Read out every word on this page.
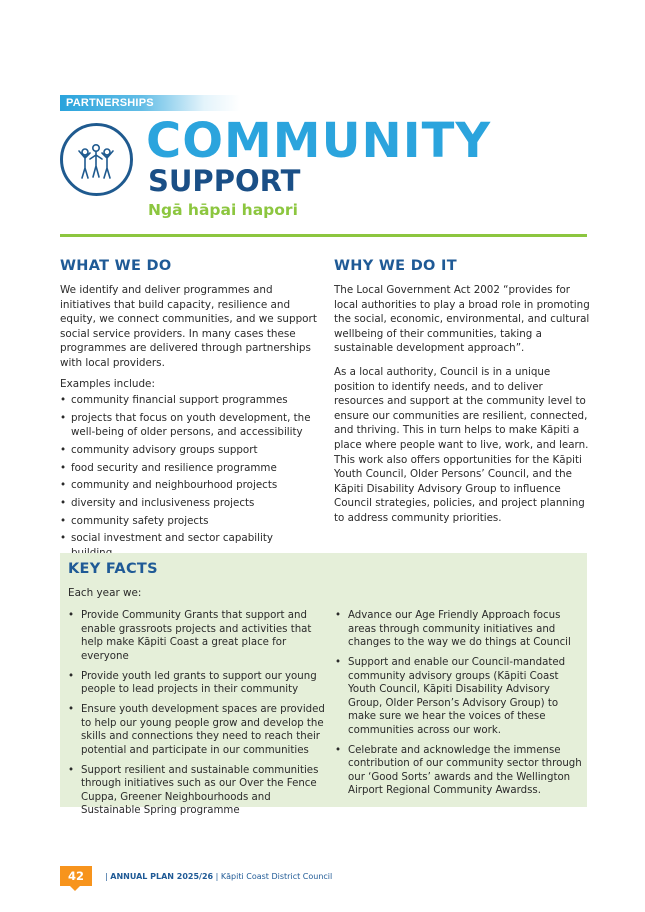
PARTNERSHIPS
COMMUNITY
SUPPORT
Ngā hāpai hapori
WHAT WE DO	WHY WE DO IT

We identify and deliver programmes and initiatives that build capacity, resilience and equity, we connect communities, and we support social service providers. In many cases these programmes are delivered through partnerships with local providers.

Examples include:

• community financial support programmes
• projects that focus on youth development, the well-being of older persons, and accessibility
• community advisory groups support
• food security and resilience programme
• community and neighbourhood projects
• diversity and inclusiveness projects
• community safety projects
• social investment and sector capability

The Local Government Act 2002 “provides for local authorities to play a broad role in promoting the social, economic, environmental, and cultural wellbeing of their communities, taking a sustainable development approach”.

As a local authority, Council is in a unique position to identify needs, and to deliver resources and support at the community level to ensure our communities are resilient, connected, and thriving. This in turn helps to make Kāpiti a place where people want to live, work, and learn. This work also offers opportunities for the Kāpiti Youth Council, Older Persons’ Council, and the Kāpiti Disability Advisory Group to influence Council strategies, policies, and project planning to address community priorities.

KEY FACTS
Each year we:
• Provide Community Grants that support and enable grassroots projects and activities that help make Kāpiti Coast a great place for everyone
• Provide youth led grants to support our young people to lead projects in their community
• Ensure youth development spaces are provided to help our young people grow and develop the skills and connections they need to reach their potential and participate in our communities
• Support resilient and sustainable communities through initiatives such as our Over the Fence Cuppa, Greener Neighbourhoods and Sustainable Spring programme
• Advance our Age Friendly Approach focus areas through community initiatives and changes to the way we do things at Council
• Support and enable our Council-mandated community advisory groups (Kāpiti Coast Youth Council, Kāpiti Disability Advisory Group, Older Person’s Advisory Group) to make sure we hear the voices of these communities across our work.
• Celebrate and acknowledge the immense contribution of our community sector through our ‘Good Sorts’ awards and the Wellington Airport Regional Community Awardss.
42	| ANNUAL PLAN 2025/26 | Kāpiti Coast District Council
